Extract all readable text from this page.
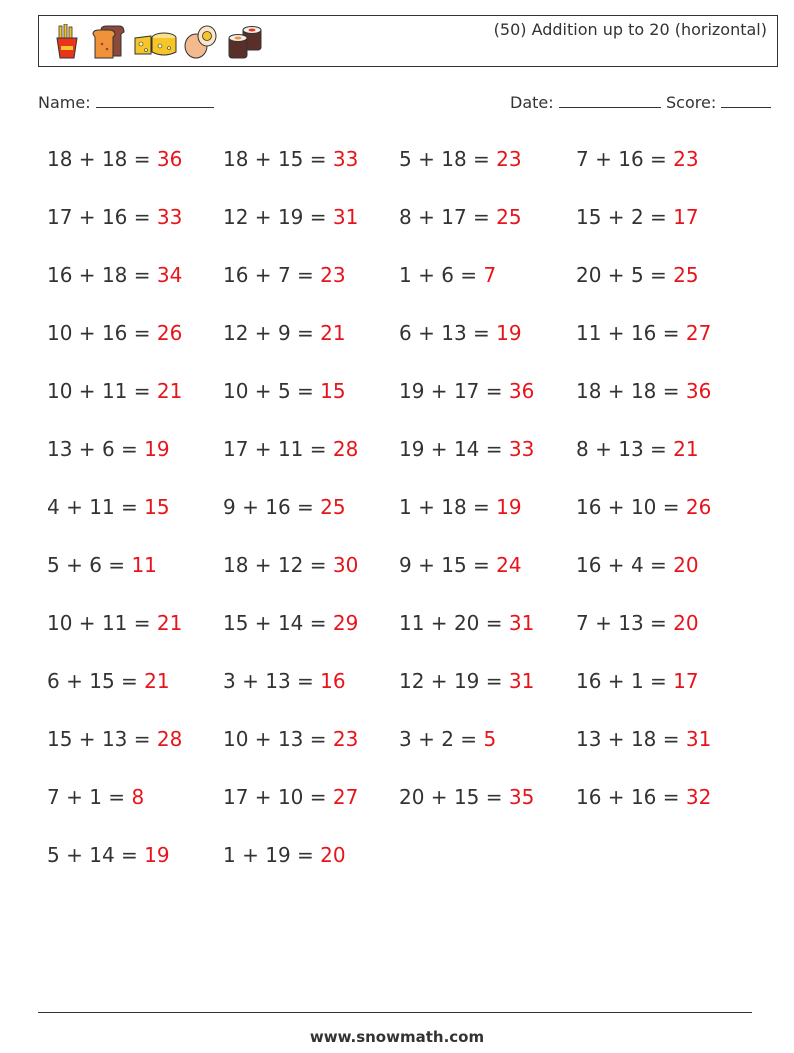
(50) Addition up to 20 (horizontal)
Name:	Date:	Score:
18 + 18 = 36	18 + 15 = 33	5 + 18 = 23	7 + 16 = 23
17 + 16 = 33	12 + 19 = 31	8 + 17 = 25	15 + 2 = 17
16 + 18 = 34	16 + 7 = 23	1 + 6 = 7	20 + 5 = 25
10 + 16 = 26	12 + 9 = 21	6 + 13 = 19	11 + 16 = 27
10 + 11 = 21	10 + 5 = 15	19 + 17 = 36	18 + 18 = 36
13 + 6 = 19	17 + 11 = 28	19 + 14 = 33	8 + 13 = 21
4 + 11 = 15	9 + 16 = 25	1 + 18 = 19	16 + 10 = 26
5 + 6 = 11	18 + 12 = 30	9 + 15 = 24	16 + 4 = 20
10 + 11 = 21	15 + 14 = 29	11 + 20 = 31	7 + 13 = 20
6 + 15 = 21	3 + 13 = 16	12 + 19 = 31	16 + 1 = 17
15 + 13 = 28	10 + 13 = 23	3 + 2 = 5	13 + 18 = 31
7 + 1 = 8	17 + 10 = 27	20 + 15 = 35	16 + 16 = 32
5 + 14 = 19	1 + 19 = 20
www.snowmath.com
